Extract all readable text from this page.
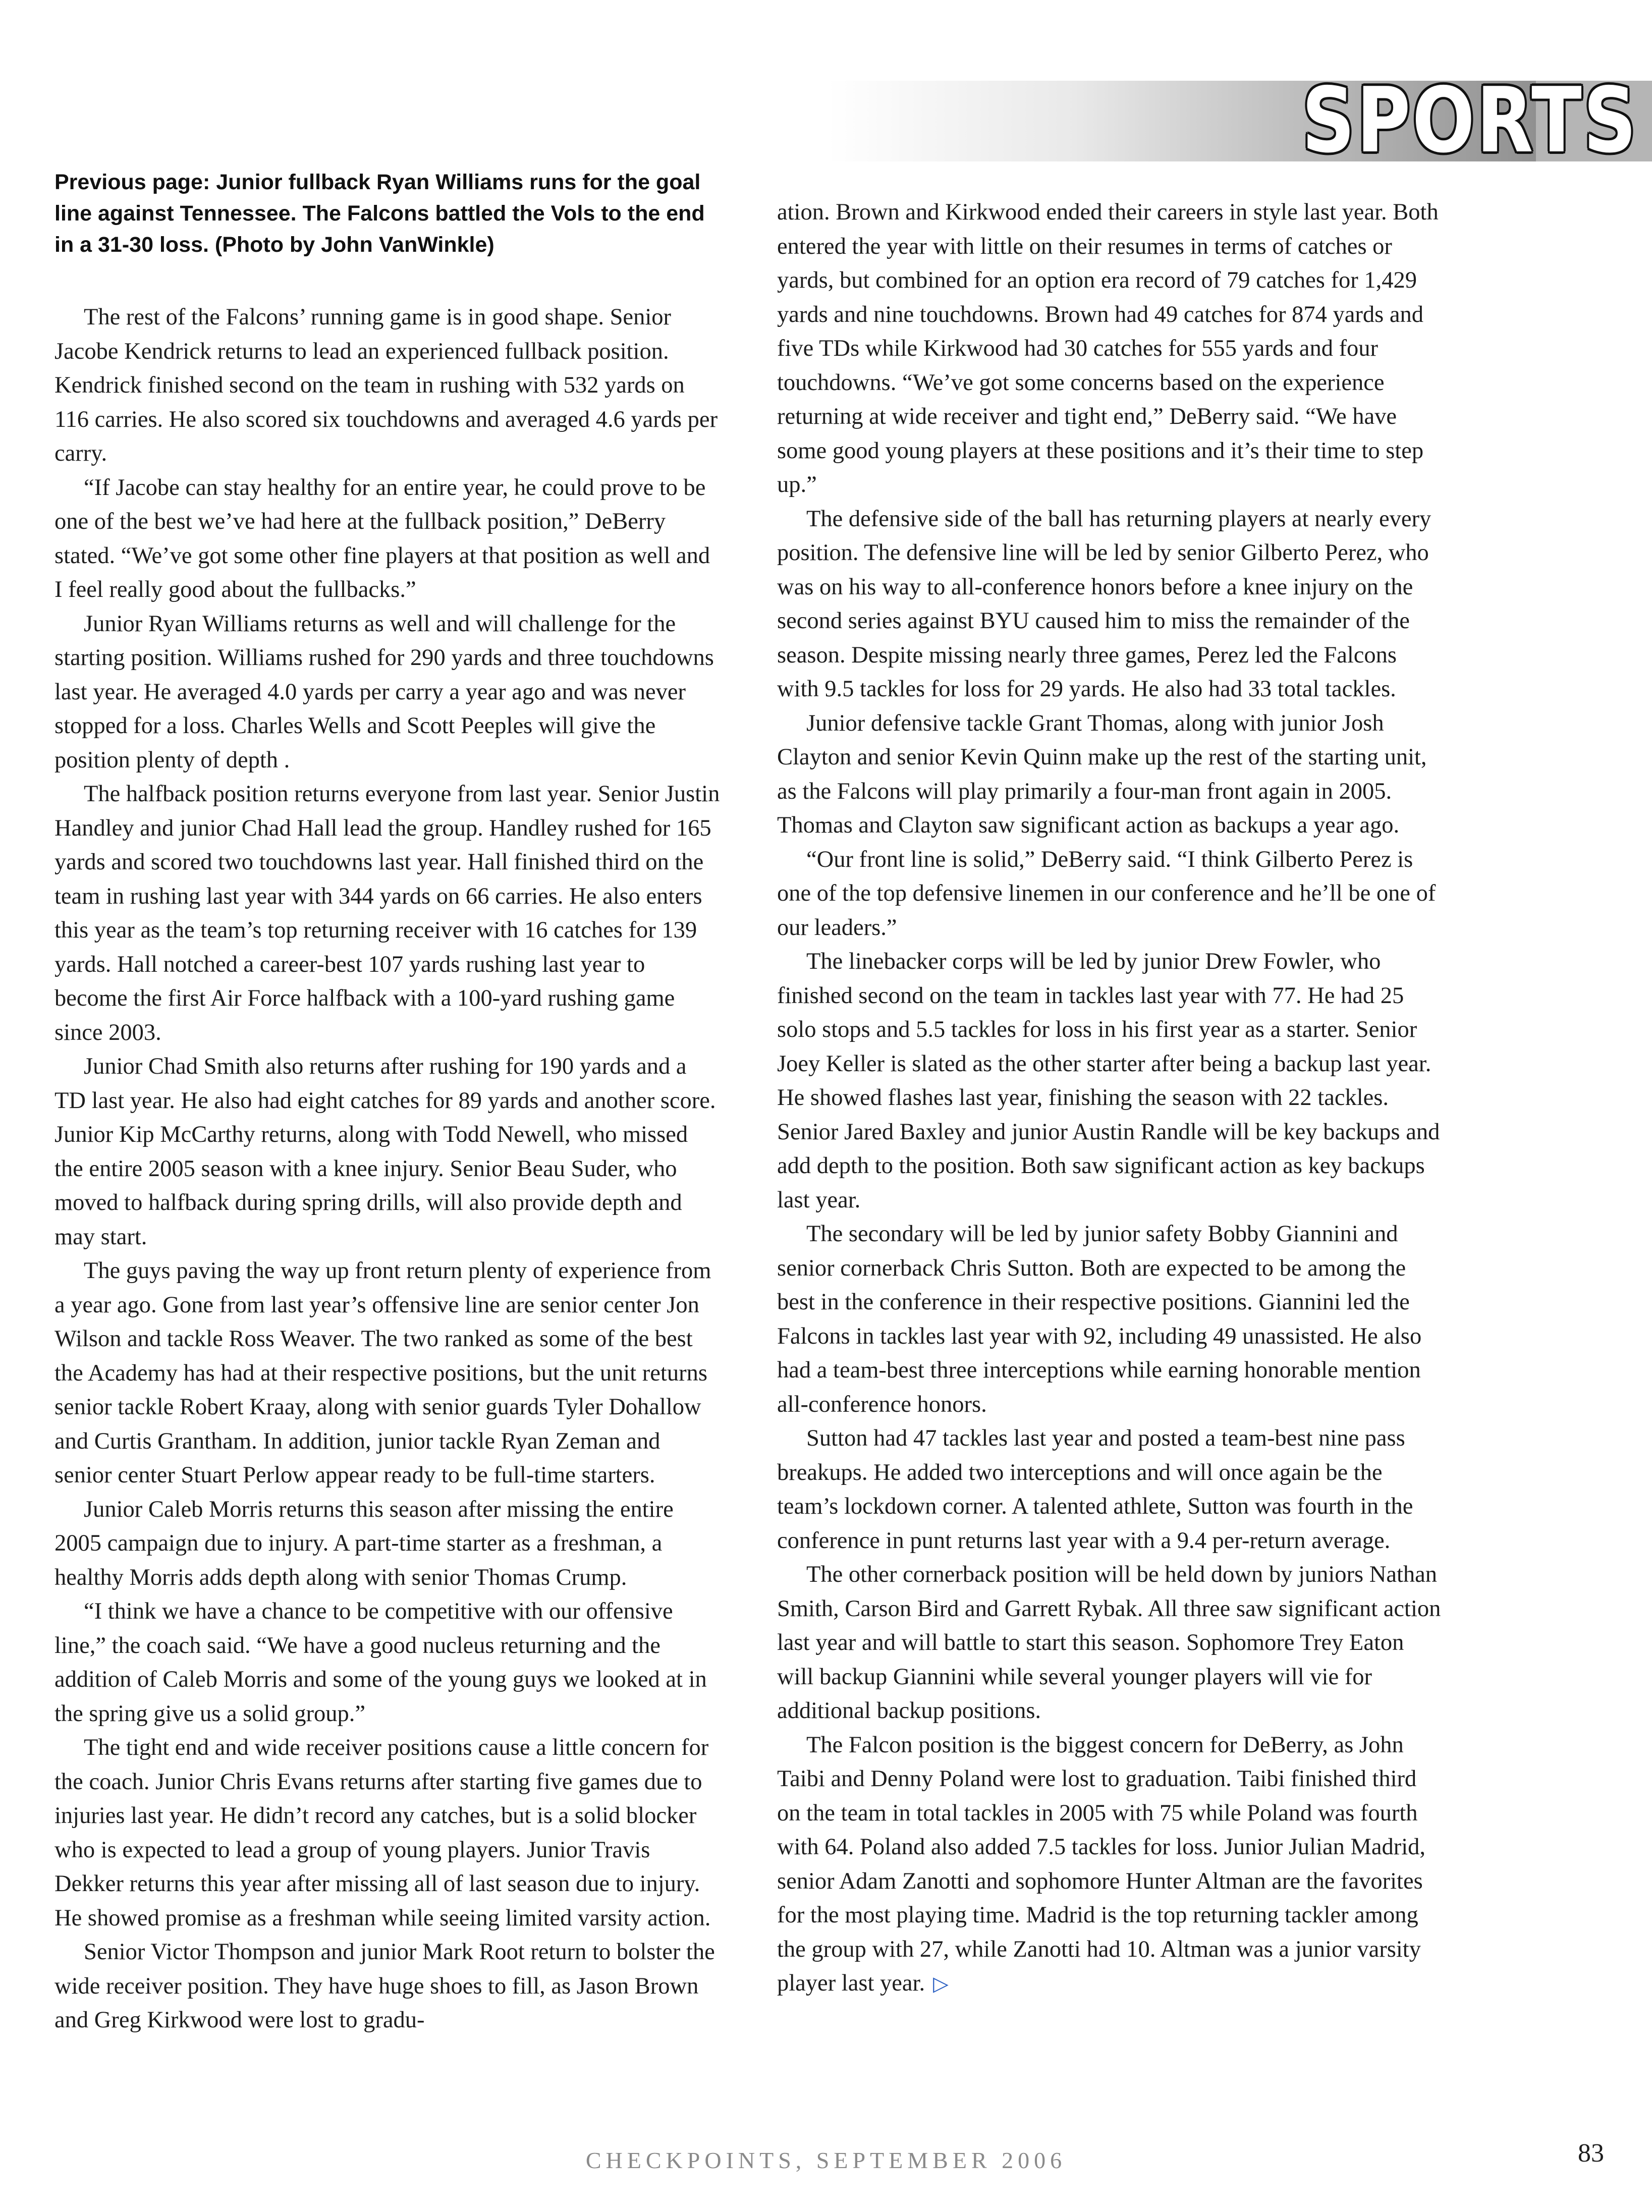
SPORTS
Previous page: Junior fullback Ryan Williams runs for the goal line against Tennessee. The Falcons battled the Vols to the end in a 31-30 loss. (Photo by John VanWinkle)

The rest of the Falcons’ running game is in good shape. Senior Jacobe Kendrick returns to lead an experienced fullback position. Kendrick finished second on the team in rushing with 532 yards on 116 carries. He also scored six touchdowns and averaged 4.6 yards per carry.

“If Jacobe can stay healthy for an entire year, he could prove to be one of the best we’ve had here at the fullback position,” DeBerry stated. “We’ve got some other fine players at that position as well and I feel really good about the fullbacks.”

Junior Ryan Williams returns as well and will challenge for the starting position. Williams rushed for 290 yards and three touchdowns last year. He averaged 4.0 yards per carry a year ago and was never stopped for a loss. Charles Wells and Scott Peeples will give the position plenty of depth .

The halfback position returns everyone from last year. Senior Justin Handley and junior Chad Hall lead the group. Handley rushed for 165 yards and scored two touchdowns last year. Hall finished third on the team in rushing last year with 344 yards on 66 carries. He also enters this year as the team’s top returning receiver with 16 catches for 139 yards. Hall notched a career-best 107 yards rushing last year to become the first Air Force halfback with a 100-yard rushing game since 2003.

Junior Chad Smith also returns after rushing for 190 yards and a TD last year. He also had eight catches for 89 yards and another score. Junior Kip McCarthy returns, along with Todd Newell, who missed the entire 2005 season with a knee injury. Senior Beau Suder, who moved to halfback during spring drills, will also provide depth and may start.

The guys paving the way up front return plenty of experience from a year ago. Gone from last year’s offensive line are senior center Jon Wilson and tackle Ross Weaver. The two ranked as some of the best the Academy has had at their respective positions, but the unit returns senior tackle Robert Kraay, along with senior guards Tyler Dohallow and Curtis Grantham. In addition, junior tackle Ryan Zeman and senior center Stuart Perlow appear ready to be full-time starters.

Junior Caleb Morris returns this season after missing the entire 2005 campaign due to injury. A part-time starter as a freshman, a healthy Morris adds depth along with senior Thomas Crump.

“I think we have a chance to be competitive with our offensive line,” the coach said. “We have a good nucleus returning and the addition of Caleb Morris and some of the young guys we looked at in the spring give us a solid group.”

The tight end and wide receiver positions cause a little concern for the coach. Junior Chris Evans returns after starting five games due to injuries last year. He didn’t record any catches, but is a solid blocker who is expected to lead a group of young players. Junior Travis Dekker returns this year after missing all of last season due to injury. He showed promise as a freshman while seeing limited varsity action.

Senior Victor Thompson and junior Mark Root return to bolster the wide receiver position. They have huge shoes to fill, as Jason Brown and Greg Kirkwood were lost to gradu-

ation. Brown and Kirkwood ended their careers in style last year. Both entered the year with little on their resumes in terms of catches or yards, but combined for an option era record of 79 catches for 1,429 yards and nine touchdowns. Brown had 49 catches for 874 yards and five TDs while Kirkwood had 30 catches for 555 yards and four touchdowns. “We’ve got some concerns based on the experience returning at wide receiver and tight end,” DeBerry said. “We have some good young players at these positions and it’s their time to step up.”

The defensive side of the ball has returning players at nearly every position. The defensive line will be led by senior Gilberto Perez, who was on his way to all-conference honors before a knee injury on the second series against BYU caused him to miss the remainder of the season. Despite missing nearly three games, Perez led the Falcons with 9.5 tackles for loss for 29 yards. He also had 33 total tackles.

Junior defensive tackle Grant Thomas, along with junior Josh Clayton and senior Kevin Quinn make up the rest of the starting unit, as the Falcons will play primarily a four-man front again in 2005. Thomas and Clayton saw significant action as backups a year ago.

“Our front line is solid,” DeBerry said. “I think Gilberto Perez is one of the top defensive linemen in our conference and he’ll be one of our leaders.”

The linebacker corps will be led by junior Drew Fowler, who finished second on the team in tackles last year with 77. He had 25 solo stops and 5.5 tackles for loss in his first year as a starter. Senior Joey Keller is slated as the other starter after being a backup last year. He showed flashes last year, finishing the season with 22 tackles. Senior Jared Baxley and junior Austin Randle will be key backups and add depth to the position. Both saw significant action as key backups last year.

The secondary will be led by junior safety Bobby Giannini and senior cornerback Chris Sutton. Both are expected to be among the best in the conference in their respective positions. Giannini led the Falcons in tackles last year with 92, including 49 unassisted. He also had a team-best three interceptions while earning honorable mention all-conference honors.

Sutton had 47 tackles last year and posted a team-best nine pass breakups. He added two interceptions and will once again be the team’s lockdown corner. A talented athlete, Sutton was fourth in the conference in punt returns last year with a 9.4 per-return average.

The other cornerback position will be held down by juniors Nathan Smith, Carson Bird and Garrett Rybak. All three saw significant action last year and will battle to start this season. Sophomore Trey Eaton will backup Giannini while several younger players will vie for additional backup positions.

The Falcon position is the biggest concern for DeBerry, as John Taibi and Denny Poland were lost to graduation. Taibi finished third on the team in total tackles in 2005 with 75 while Poland was fourth with 64. Poland also added 7.5 tackles for loss. Junior Julian Madrid, senior Adam Zanotti and sophomore Hunter Altman are the favorites for the most playing time. Madrid is the top returning tackler among the group with 27, while Zanotti had 10. Altman was a junior varsity player last year. ▷

CHECKPOINTS, SEPTEMBER 2006	83
